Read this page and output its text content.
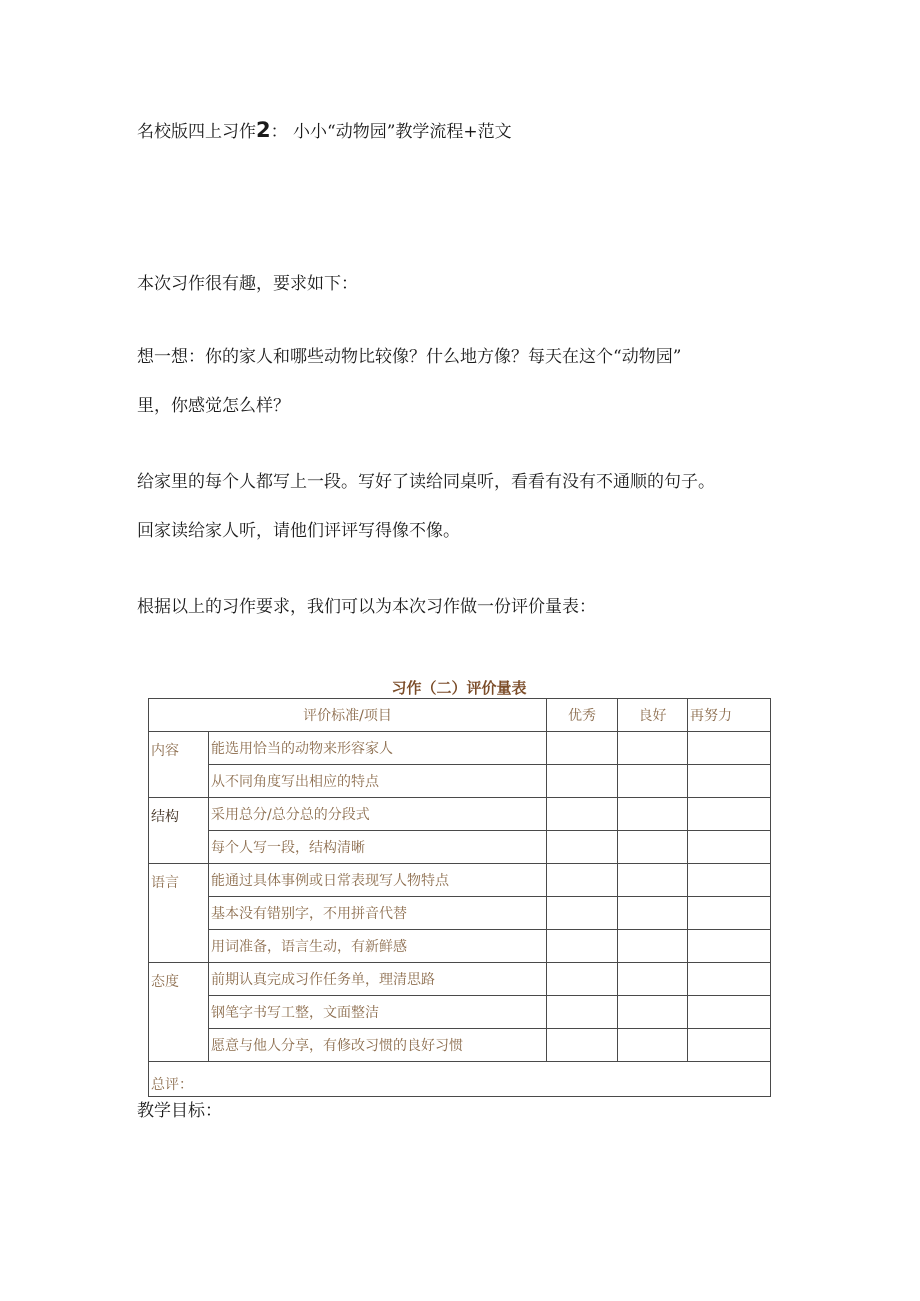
名校版四上习作2： 小小“动物园”教学流程+范文
本次习作很有趣，要求如下：
想一想：你的家人和哪些动物比较像？什么地方像？每天在这个“动物园”
里，你感觉怎么样？
给家里的每个人都写上一段。写好了读给同桌听，看看有没有不通顺的句子。
回家读给家人听，请他们评评写得像不像。
根据以上的习作要求，我们可以为本次习作做一份评价量表：
习作（二）评价量表
评价标准/项目		优秀	良好	再努力
内容	能选用恰当的动物来形容家人			
	从不同角度写出相应的特点			
结构	采用总分/总分总的分段式			
	每个人写一段，结构清晰			
语言	能通过具体事例或日常表现写人物特点			
	基本没有错别字，不用拼音代替			
	用词准备，语言生动，有新鲜感			
态度	前期认真完成习作任务单，理清思路			
	钢笔字书写工整，文面整洁			
	愿意与他人分享，有修改习惯的良好习惯			
总评：				
教学目标：
